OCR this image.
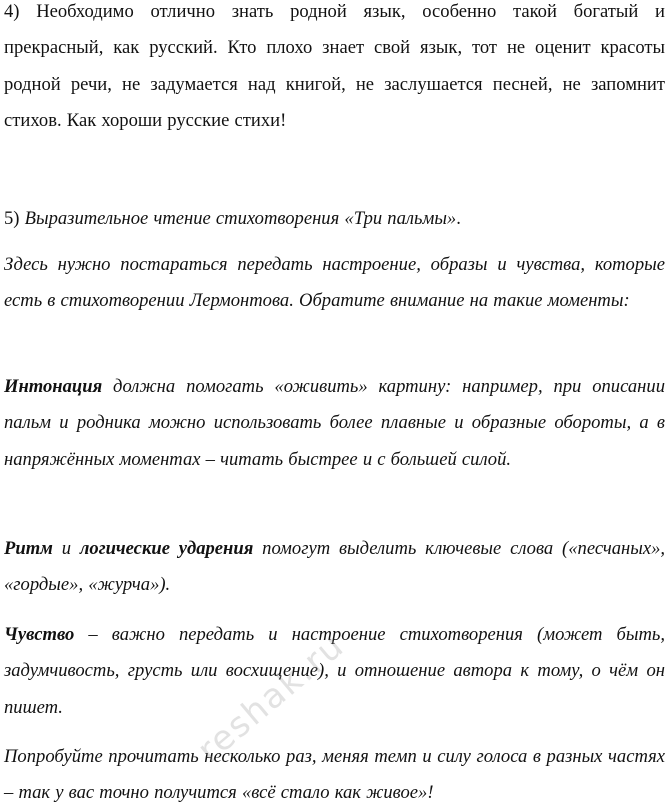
4) Необходимо отлично знать родной язык, особенно такой богатый и прекрасный, как русский. Кто плохо знает свой язык, тот не оценит красоты родной речи, не задумается над книгой, не заслушается песней, не запомнит стихов. Как хороши русские стихи!

5) Выразительное чтение стихотворения «Три пальмы».

Здесь нужно постараться передать настроение, образы и чувства, которые есть в стихотворении Лермонтова. Обратите внимание на такие моменты:

Интонация должна помогать «оживить» картину: например, при описании пальм и родника можно использовать более плавные и образные обороты, а в напряжённых моментах – читать быстрее и с большей силой.

Ритм и логические ударения помогут выделить ключевые слова («песчаных», «гордые», «журча»).

Чувство – важно передать и настроение стихотворения (может быть, задумчивость, грусть или восхищение), и отношение автора к тому, о чём он пишет.

Попробуйте прочитать несколько раз, меняя темп и силу голоса в разных частях – так у вас точно получится «всё стало как живое»!

reshak.ru
